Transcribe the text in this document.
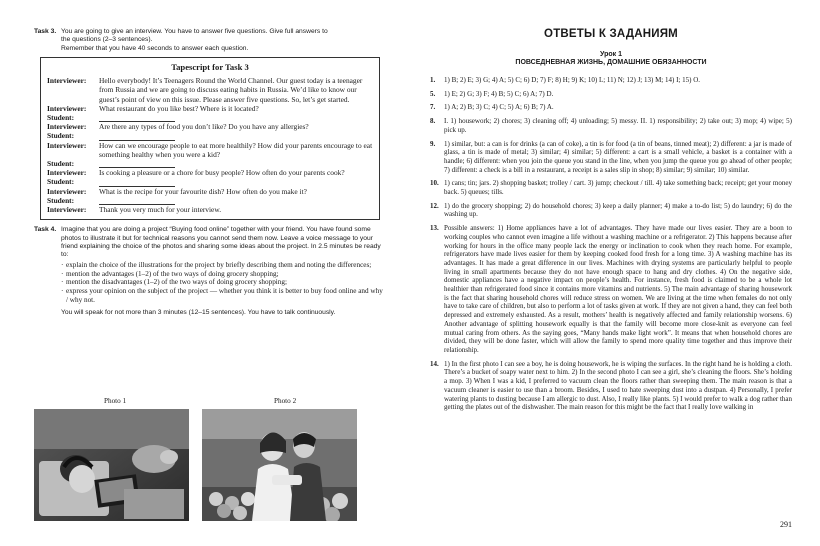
Task 3. You are going to give an interview. You have to answer five questions. Give full answers to
the questions (2–3 sentences).
Remember that you have 40 seconds to answer each question.
Tapescript for Task 3
Interviewer:	Hello everybody! It’s Teenagers Round the World Channel. Our guest today is a teenager from Russia and we are going to discuss eating habits in Russia. We’d like to know our guest’s point of view on this issue. Please answer five questions. So, let’s get started.
Interviewer:	What restaurant do you like best? Where is it located?
Student:
Interviewer:	Are there any types of food you don’t like? Do you have any allergies?
Student:
Interviewer:	How can we encourage people to eat more healthily? How did your parents encourage to eat something healthy when you were a kid?
Student:
Interviewer:	Is cooking a pleasure or a chore for busy people? How often do your parents cook?
Student:
Interviewer:	What is the recipe for your favourite dish? How often do you make it?
Student:
Interviewer:	Thank you very much for your interview.
Task 4. Imagine that you are doing a project “Buying food online” together with your friend. You have found some photos to illustrate it but for technical reasons you cannot send them now. Leave a voice message to your friend explaining the choice of the photos and sharing some ideas about the project. In 2.5 minutes be ready to:
· explain the choice of the illustrations for the project by briefly describing them and noting the differences;
· mention the advantages (1–2) of the two ways of doing grocery shopping;
· mention the disadvantages (1–2) of the two ways of doing grocery shopping;
· express your opinion on the subject of the project — whether you think it is better to buy food online and why / why not.
You will speak for not more than 3 minutes (12–15 sentences). You have to talk continuously.
Photo 1	Photo 2
ОТВЕТЫ К ЗАДАНИЯМ
Урок 1
ПОВСЕДНЕВНАЯ ЖИЗНЬ, ДОМАШНИЕ ОБЯЗАННОСТИ
1.	1) B; 2) E; 3) G; 4) A; 5) C; 6) D; 7) F; 8) H; 9) K; 10) L; 11) N; 12) J; 13) M; 14) I; 15) O.
5.	1) E; 2) G; 3) F; 4) B; 5) C; 6) A; 7) D.
7.	1) A; 2) B; 3) C; 4) C; 5) A; 6) B; 7) A.
8.	I. 1) housework; 2) chores; 3) cleaning off; 4) unloading; 5) messy. II. 1) responsibility; 2) take out; 3) mop; 4) wipe; 5) pick up.
9.	1) similar, but: a can is for drinks (a can of coke), a tin is for food (a tin of beans, tinned meat); 2) different: a jar is made of glass, a tin is made of metal; 3) similar; 4) similar; 5) different: a cart is a small vehicle, a basket is a container with a handle; 6) different: when you join the queue you stand in the line, when you jump the queue you go ahead of other people; 7) different: a check is a bill in a restaurant, a receipt is a sales slip in shop; 8) similar; 9) similar; 10) similar.
10. 1) cans; tin; jars. 2) shopping basket; trolley / cart. 3) jump; checkout / till. 4) take something back; receipt; get your money back. 5) queues; tills.
12. 1) do the grocery shopping; 2) do household chores; 3) keep a daily planner; 4) make a to-do list; 5) do laundry; 6) do the washing up.
13. Possible answers: 1) Home appliances have a lot of advantages. They have made our lives easier. They are a boon to working couples who cannot even imagine a life without a washing machine or a refrigerator. 2) This happens because after working for hours in the office many people lack the energy or inclination to cook when they reach home. For example, refrigerators have made lives easier for them by keeping cooked food fresh for a long time. 3) A washing machine has its advantages. It has made a great difference in our lives. Machines with drying systems are particularly helpful to people living in small apartments because they do not have enough space to hang and dry clothes. 4) On the negative side, domestic appliances have a negative impact on people’s health. For instance, fresh food is claimed to be a whole lot healthier than refrigerated food since it contains more vitamins and nutrients. 5) The main advantage of sharing housework is the fact that sharing household chores will reduce stress on women. We are living at the time when females do not only have to take care of children, but also to perform a lot of tasks given at work. If they are not given a hand, they can feel both depressed and extremely exhausted. As a result, mothers’ health is negatively affected and family relationship worsens. 6) Another advantage of splitting housework equally is that the family will become more close-knit as everyone can feel mutual caring from others. As the saying goes, “Many hands make light work”. It means that when household chores are divided, they will be done faster, which will allow the family to spend more quality time together and thus improve their relationship.
14. 1) In the first photo I can see a boy, he is doing housework, he is wiping the surfaces. In the right hand he is holding a cloth. There’s a bucket of soapy water next to him. 2) In the second photo I can see a girl, she’s cleaning the floors. She’s holding a mop. 3) When I was a kid, I preferred to vacuum clean the floors rather than sweeping them. The main reason is that a vacuum cleaner is easier to use than a broom. Besides, I used to hate sweeping dust into a dustpan. 4) Personally, I prefer watering plants to dusting because I am allergic to dust. Also, I really like plants. 5) I would prefer to walk a dog rather than getting the plates out of the dishwasher. The main reason for this might be the fact that I really love walking in
291
